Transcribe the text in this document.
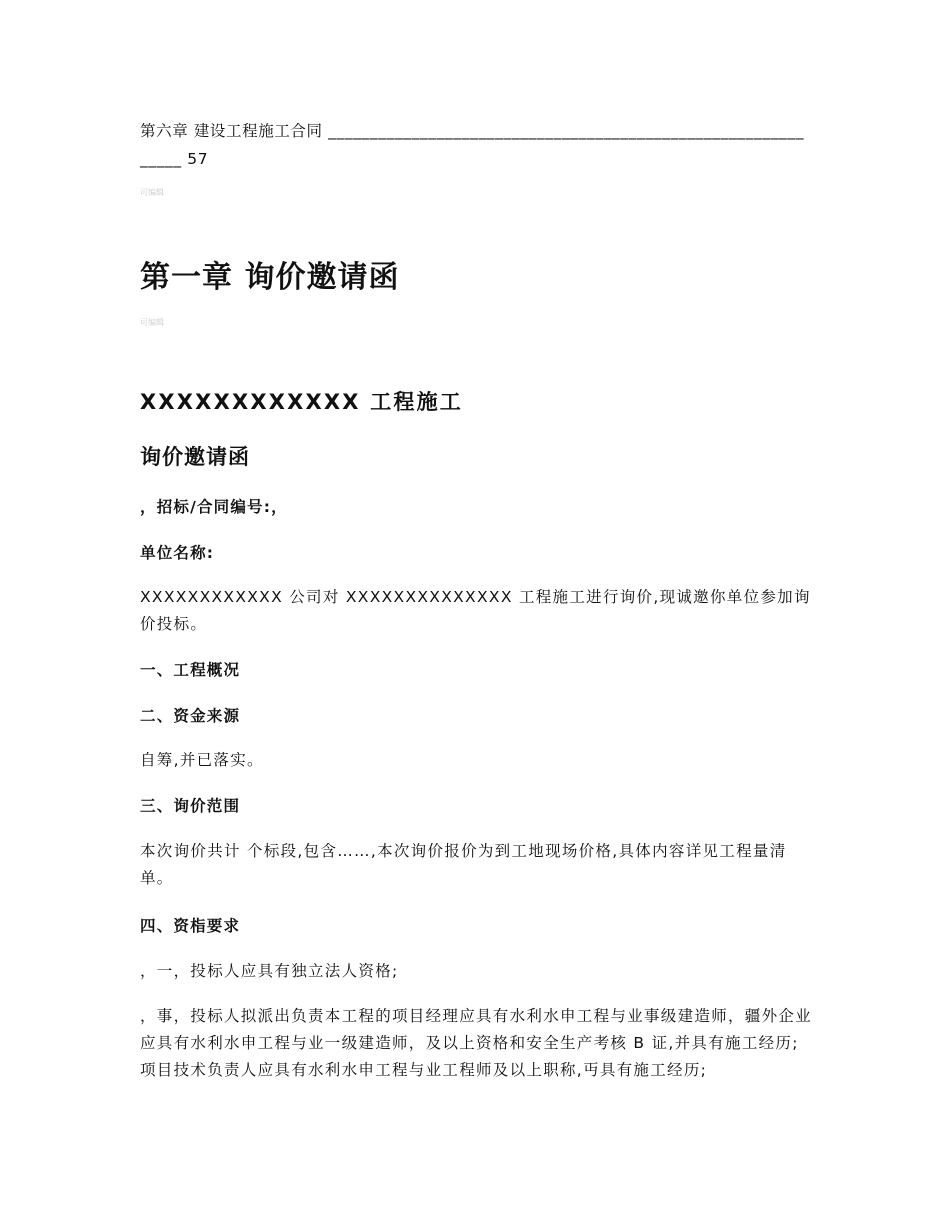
第六章 建设工程施工合同 ______________________________________________________________ 57

可编辑
第一章 询价邀请函
可编辑
XXXXXXXXXXXX 工程施工
询价邀请函

，招标/合同编号:，

单位名称:

XXXXXXXXXXXX 公司对 XXXXXXXXXXXXXX 工程施工进行询价,现诚邀你单位参加询价投标。

一、工程概况

二、资金来源

自筹,并已落实。

三、询价范围

本次询价共计 个标段,包含……,本次询价报价为到工地现场价格,具体内容详见工程量清单。

四、资栺要求

，一，投标人应具有独立法人资格;

，事，投标人拟派出负责本工程的项目经理应具有水利水申工程与业事级建造师，疆外企业应具有水利水申工程与业一级建造师，及以上资格和安全生产考核 B 证,并具有施工经历;项目技术负责人应具有水利水申工程与业工程师及以上职称,丏具有施工经历;
